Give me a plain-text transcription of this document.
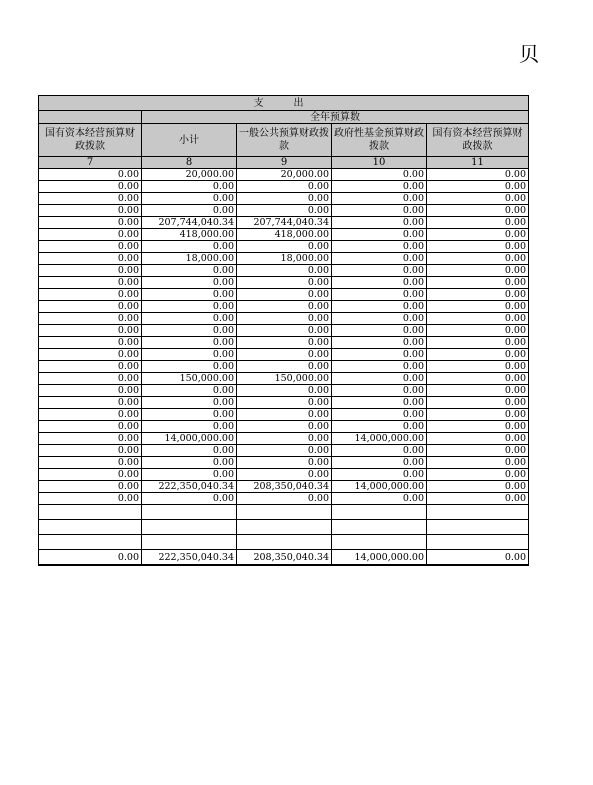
贝
支　出				
	全年预算数			
国有资本经营预算财政拨款	小计	一般公共预算财政拨款	政府性基金预算财政拨款	国有资本经营预算财政拨款
7	8	9	10	11
0.00	20,000.00	20,000.00	0.00	0.00
0.00	0.00	0.00	0.00	0.00
0.00	0.00	0.00	0.00	0.00
0.00	0.00	0.00	0.00	0.00
0.00	207,744,040.34	207,744,040.34	0.00	0.00
0.00	418,000.00	418,000.00	0.00	0.00
0.00	0.00	0.00	0.00	0.00
0.00	18,000.00	18,000.00	0.00	0.00
0.00	0.00	0.00	0.00	0.00
0.00	0.00	0.00	0.00	0.00
0.00	0.00	0.00	0.00	0.00
0.00	0.00	0.00	0.00	0.00
0.00	0.00	0.00	0.00	0.00
0.00	0.00	0.00	0.00	0.00
0.00	0.00	0.00	0.00	0.00
0.00	0.00	0.00	0.00	0.00
0.00	0.00	0.00	0.00	0.00
0.00	150,000.00	150,000.00	0.00	0.00
0.00	0.00	0.00	0.00	0.00
0.00	0.00	0.00	0.00	0.00
0.00	0.00	0.00	0.00	0.00
0.00	0.00	0.00	0.00	0.00
0.00	14,000,000.00	0.00	14,000,000.00	0.00
0.00	0.00	0.00	0.00	0.00
0.00	0.00	0.00	0.00	0.00
0.00	0.00	0.00	0.00	0.00
0.00	222,350,040.34	208,350,040.34	14,000,000.00	0.00
0.00	0.00	0.00	0.00	0.00

0.00	222,350,040.34	208,350,040.34	14,000,000.00	0.00
